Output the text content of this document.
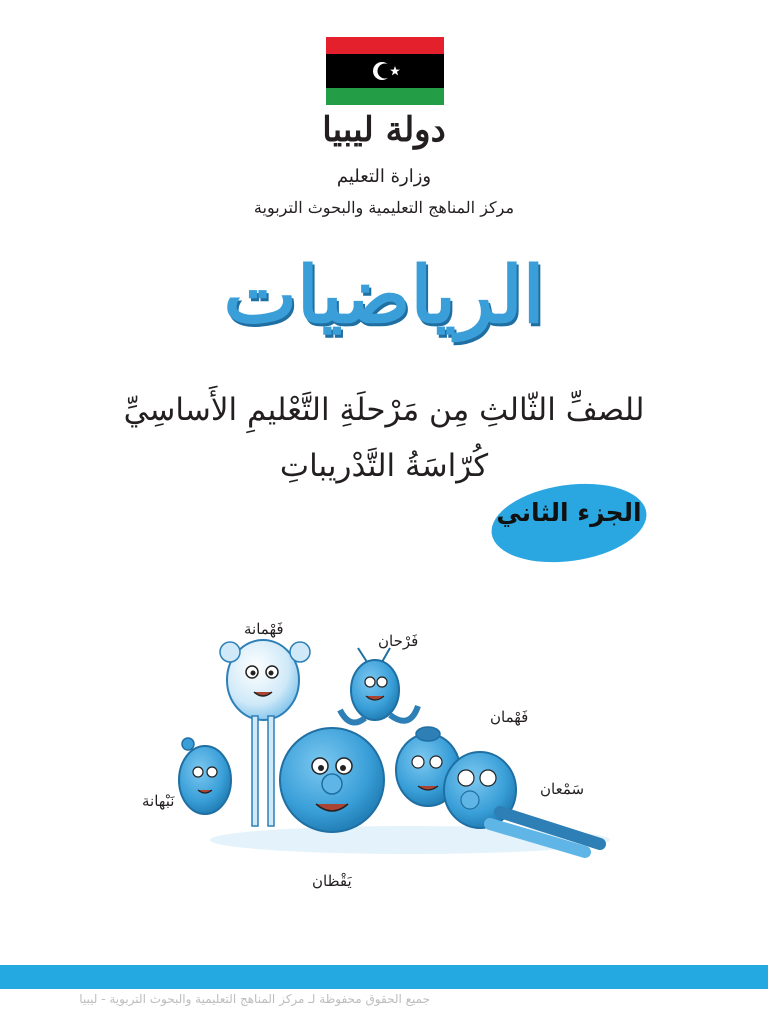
دولة ليبيا
وزارة التعليم
مركز المناهج التعليمية والبحوث التربوية
الرياضيات
للصفِّ الثّالثِ مِن مَرْحلَةِ التَّعْليمِ الأَساسِيِّ
كُرّاسَةُ التَّدْريباتِ
الجزء الثاني
فَهْمانة
فَرْحان
فَهْمان
سَمْعان
نَبْهانة
يَقْظان
جميع الحقوق محفوظة لـ مركز المناهج التعليمية والبحوث التربوية - ليبيا
